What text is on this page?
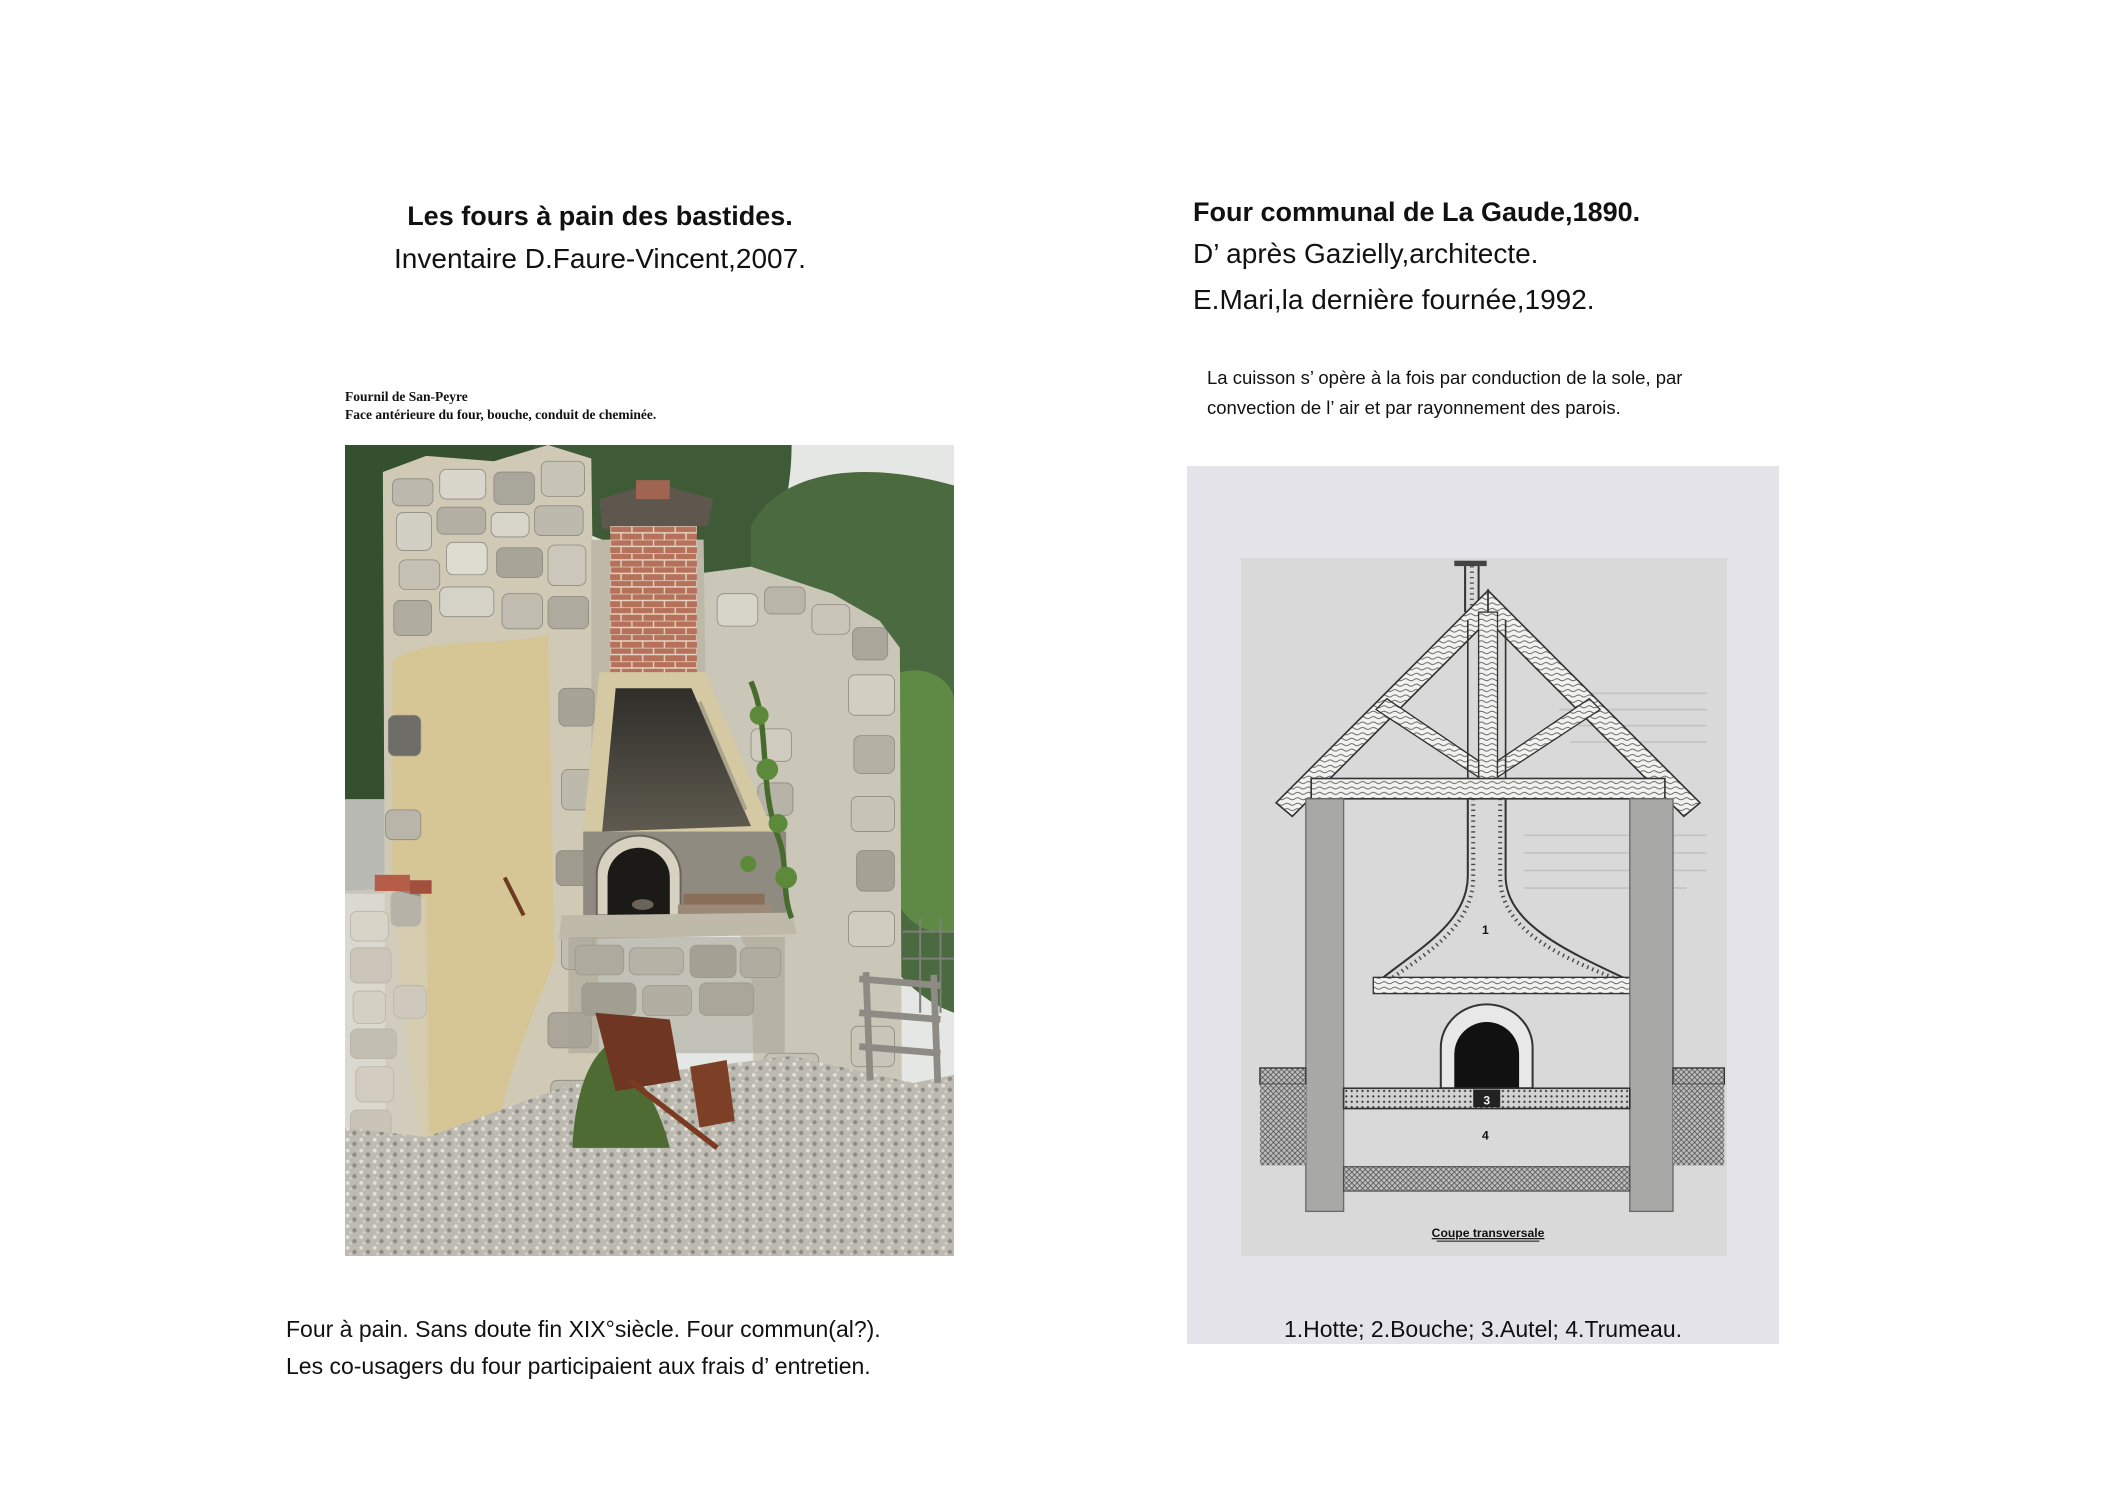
Les fours à pain des bastides.
Inventaire D.Faure-Vincent,2007.
Fournil de San-Peyre
Face antérieure du four, bouche, conduit de cheminée.
Four à pain. Sans doute fin XIX°siècle. Four commun(al?).
Les co-usagers du four participaient aux frais d’ entretien.
Four communal de La Gaude,1890.
D’ après Gazielly,architecte.
E.Mari,la dernière fournée,1992.
La cuisson s’ opère à la fois par conduction de la sole, par
convection de l’ air et par rayonnement des parois.
1
2
3
4
Coupe transversale
1.Hotte; 2.Bouche; 3.Autel; 4.Trumeau.
